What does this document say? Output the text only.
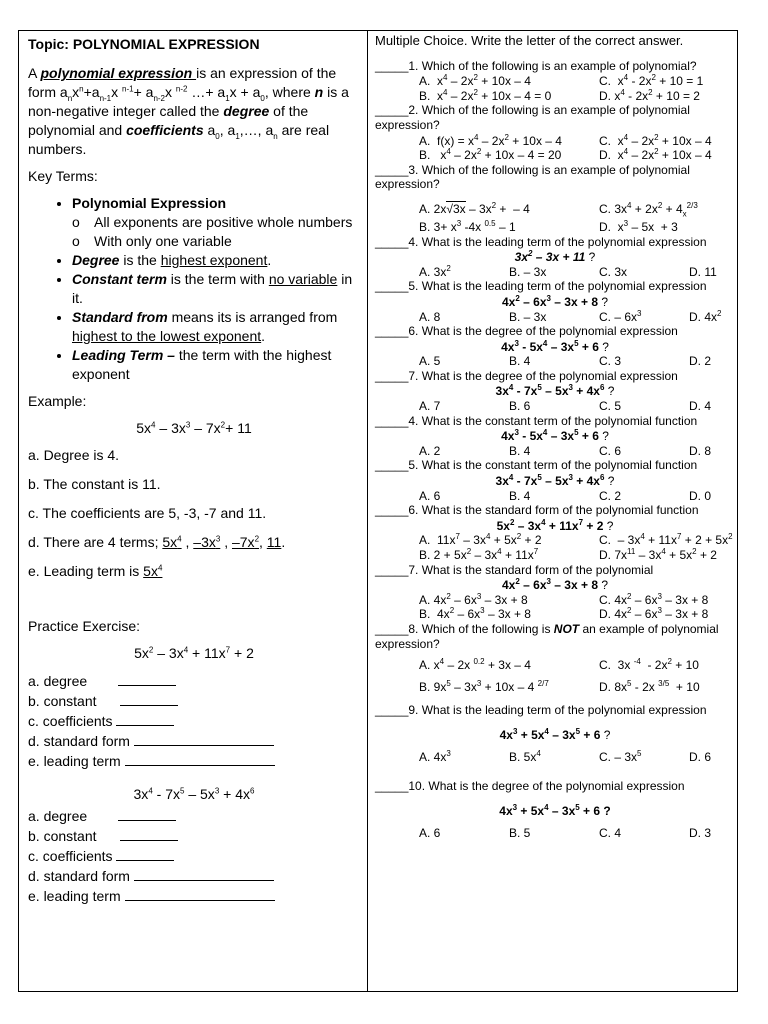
Topic: POLYNOMIAL EXPRESSION

A polynomial expression is an expression of the form $a_nx^n+a_{n-1}x$ $^{n-1}+ a_{n-2}x$ $^{n-2}$ …+ $a_1x + a_0$, where n is a non-negative integer called the degree of the polynomial and coefficients $a_0$, $a_1,\dots$, $a_n$ are real numbers.

Key Terms:

• Polynomial Expression
o All exponents are positive whole numbers
o With only one variable
• Degree is the highest exponent.
• Constant term is the term with no variable in it.
• Standard from means its is arranged from highest to the lowest exponent.
• Leading Term – the term with the highest exponent

Example:

$5x^4 - 3x^3 - 7x^2+ 11$

a. Degree is 4.

b. The constant is 11.

c. The coefficients are 5, -3, -7 and 11.

d. There are 4 terms; $5x^4$ , $-3x^3$ , $-7x^2$, 11.

e. Leading term is $5x^4$

Practice Exercise:

$5x^2 - 3x^4 + 11x^7 + 2$

a. degree
b. constant
c. coefficients
d. standard form
e. leading term

$3x^4 - 7x^5 - 5x^3 + 4x^6$

a. degree
b. constant
c. coefficients
d. standard form
e. leading term
Multiple Choice. Write the letter of the correct answer.
_____1. Which of the following is an example of polynomial?
A.  $x^4 - 2x^2 + 10x - 4$	C.  $x^4 - 2x^2 + 10 = 1$
B.  $x^4 - 2x^2 + 10x - 4 = 0$	D. $x^4 - 2x^2 + 10 = 2$
_____2. Which of the following is an example of polynomial expression?
A.  $f(x) = x^4 - 2x^2 + 10x - 4$	C.  $x^4 - 2x^2 + 10x - 4$
B.   $x^4 - 2x^2 + 10x - 4 = 20$	D.  $x^4 - 2x^2 + 10x - 4$
_____3. Which of the following is an example of polynomial expression?
A. $2x√3x - 3x^2$ +  – 4	C. $3x^4 + 2x^2 + 4_x^{2/3}$
B. $3+ x^3$ -4x $^{0.5}$ – 1	D.  $x^3 - 5x + 3$
_____4. What is the leading term of the polynomial expression
$3x^2 - 3x + 11$ ?
A. $3x^2$	B. – 3x	C. 3x	D. 11
_____5. What is the leading term of the polynomial expression
$4x^2 - 6x^3 - 3x + 8$ ?
A. 8	B. – 3x	C. – $6x^3$	D. $4x^2$
_____6. What is the degree of the polynomial expression
$4x^3 - 5x^4 - 3x^5 + 6$ ?
A. 5	B. 4	C. 3	D. 2
_____7. What is the degree of the polynomial expression
$3x^4 - 7x^5 - 5x^3 + 4x^6$ ?
A. 7	B. 6	C. 5	D. 4
_____4. What is the constant term of the polynomial function
$4x^3 - 5x^4 - 3x^5 + 6$ ?
A. 2	B. 4	C. 6	D. 8
_____5. What is the constant term of the polynomial function
$3x^4 - 7x^5 - 5x^3 + 4x^6$ ?
A. 6	B. 4	C. 2	D. 0
_____6. What is the standard form of the polynomial function
$5x^2 - 3x^4 + 11x^7 + 2$ ?
A.  $11x^7 - 3x^4 + 5x^2 + 2$	C.  – $3x^4 + 11x^7 + 2 + 5x^2$
B. $2 + 5x^2 - 3x^4 + 11x^7$	D. $7x^{11} - 3x^4 + 5x^2 + 2$
_____7. What is the standard form of the polynomial
$4x^2 - 6x^3 - 3x + 8$ ?
A. $4x^2 - 6x^3 - 3x + 8$	C. $4x^2 - 6x^3 - 3x + 8$
B.  $4x^2 - 6x^3 - 3x + 8$	D. $4x^2 - 6x^3 - 3x + 8$
_____8. Which of the following is NOT an example of polynomial expression?
A. $x^4 - 2x$ $^{0.2}$ + 3x – 4	C.  3x $^{-4} - 2x^2 + 10$
B. $9x^5 - 3x^3 + 10x - 4$ $^{2/7}$	D. $8x^5 - 2x$ $^{3/5}$  + 10
_____9. What is the leading term of the polynomial expression
$4x^3 + 5x^4 - 3x^5 + 6$ ?
A. $4x^3$	B. $5x^4$	C. – $3x^5$	D. 6
_____10. What is the degree of the polynomial expression
$4x^3 + 5x^4 - 3x^5 + 6$ ?
A. 6	B. 5	C. 4	D. 3
